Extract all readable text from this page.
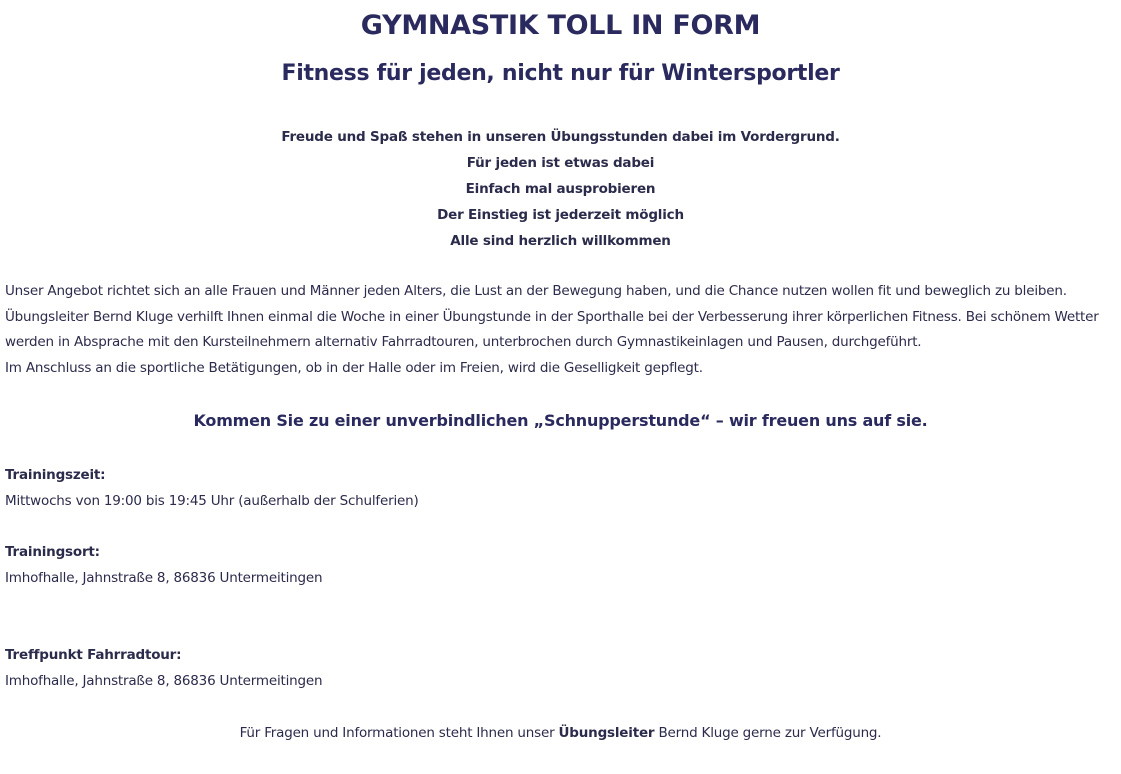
GYMNASTIK TOLL IN FORM
Fitness für jeden, nicht nur für Wintersportler
Freude und Spaß stehen in unseren Übungsstunden dabei im Vordergrund.
Für jeden ist etwas dabei
Einfach mal ausprobieren
Der Einstieg ist jederzeit möglich
Alle sind herzlich willkommen
Unser Angebot richtet sich an alle Frauen und Männer jeden Alters, die Lust an der Bewegung haben, und die Chance nutzen wollen fit und beweglich zu bleiben.
Übungsleiter Bernd Kluge verhilft Ihnen einmal die Woche in einer Übungstunde in der Sporthalle bei der Verbesserung ihrer körperlichen Fitness. Bei schönem Wetter
werden in Absprache mit den Kursteilnehmern alternativ Fahrradtouren, unterbrochen durch Gymnastikeinlagen und Pausen, durchgeführt.
Im Anschluss an die sportliche Betätigungen, ob in der Halle oder im Freien, wird die Geselligkeit gepflegt.
Kommen Sie zu einer unverbindlichen „Schnupperstunde“ – wir freuen uns auf sie.
Trainingszeit:
Mittwochs von 19:00 bis 19:45 Uhr (außerhalb der Schulferien)
Trainingsort:
Imhofhalle, Jahnstraße 8, 86836 Untermeitingen
Treffpunkt Fahrradtour:
Imhofhalle, Jahnstraße 8, 86836 Untermeitingen
Für Fragen und Informationen steht Ihnen unser Übungsleiter Bernd Kluge gerne zur Verfügung.
